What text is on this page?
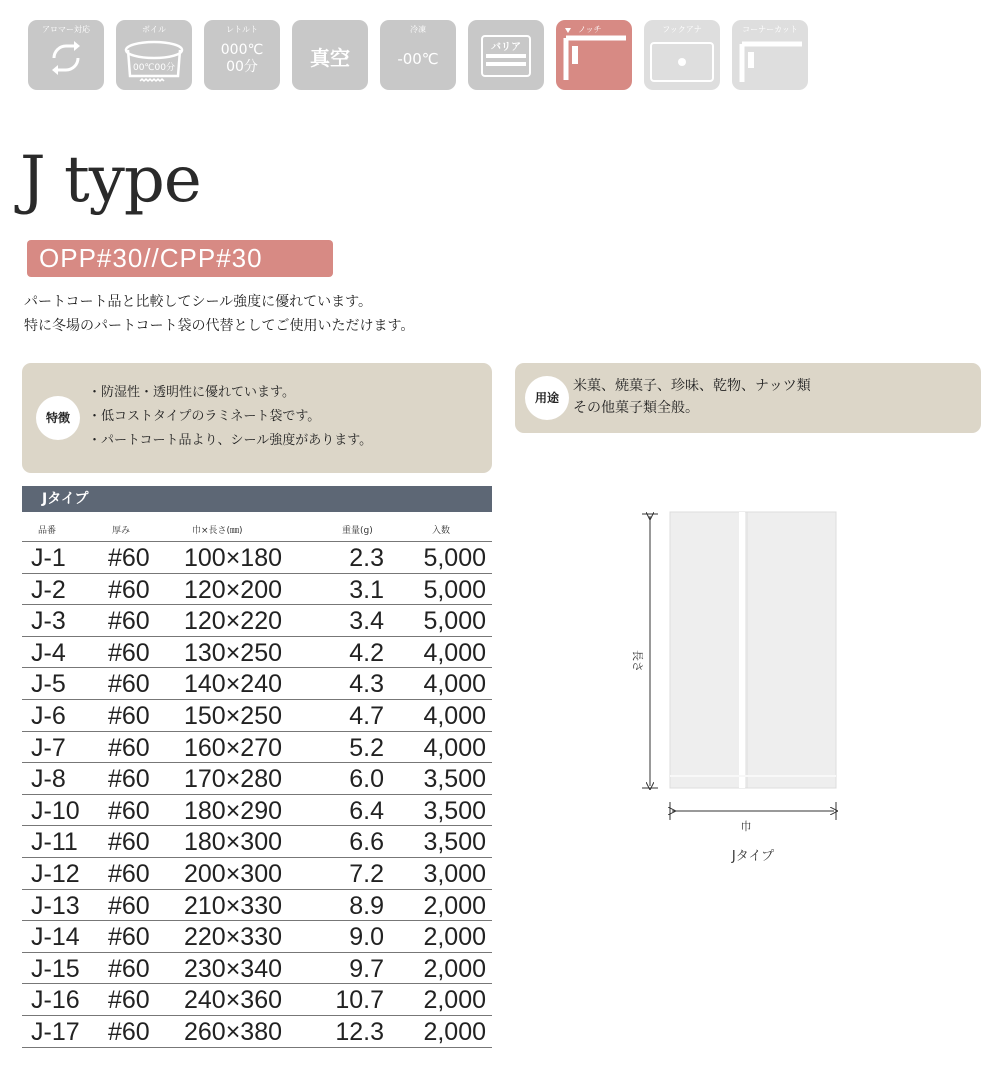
アロマー対応	ボイル
00℃00分
レトルト
000℃
00分	真空
冷凍
-00℃
バリア
ノッチ	フックアナ	コーナーカット
J type
OPP#30//CPP#30
パートコート品と比較してシール強度に優れています。
特に冬場のパートコート袋の代替としてご使用いただけます。
特徴
・防湿性・透明性に優れています。
・低コストタイプのラミネート袋です。
・パートコート品より、シール強度があります。
用途
米菓、焼菓子、珍味、乾物、ナッツ類
その他菓子類全般。
Jタイプ
品番	厚み	巾×長さ(㎜)	重量(g)	入数
J-1 #60 100×180	2.3 5,000
J-2 #60 120×200	3.1 5,000
J-3 #60 120×220	3.4 5,000
J-4 #60 130×250	4.2 4,000
J-5 #60 140×240	4.3 4,000
J-6 #60 150×250	4.7 4,000
J-7 #60 160×270	5.2 4,000
J-8 #60 170×280	6.0 3,500
J-10 #60 180×290	6.4 3,500
J-11 #60 180×300	6.6 3,500
J-12 #60 200×300	7.2 3,000
J-13 #60 210×330	8.9 2,000
J-14 #60 220×330	9.0 2,000
J-15 #60 230×340	9.7 2,000
J-16 #60 240×360 10.7 2,000
J-17 #60 260×380 12.3 2,000
長さ
巾
Jタイプ
